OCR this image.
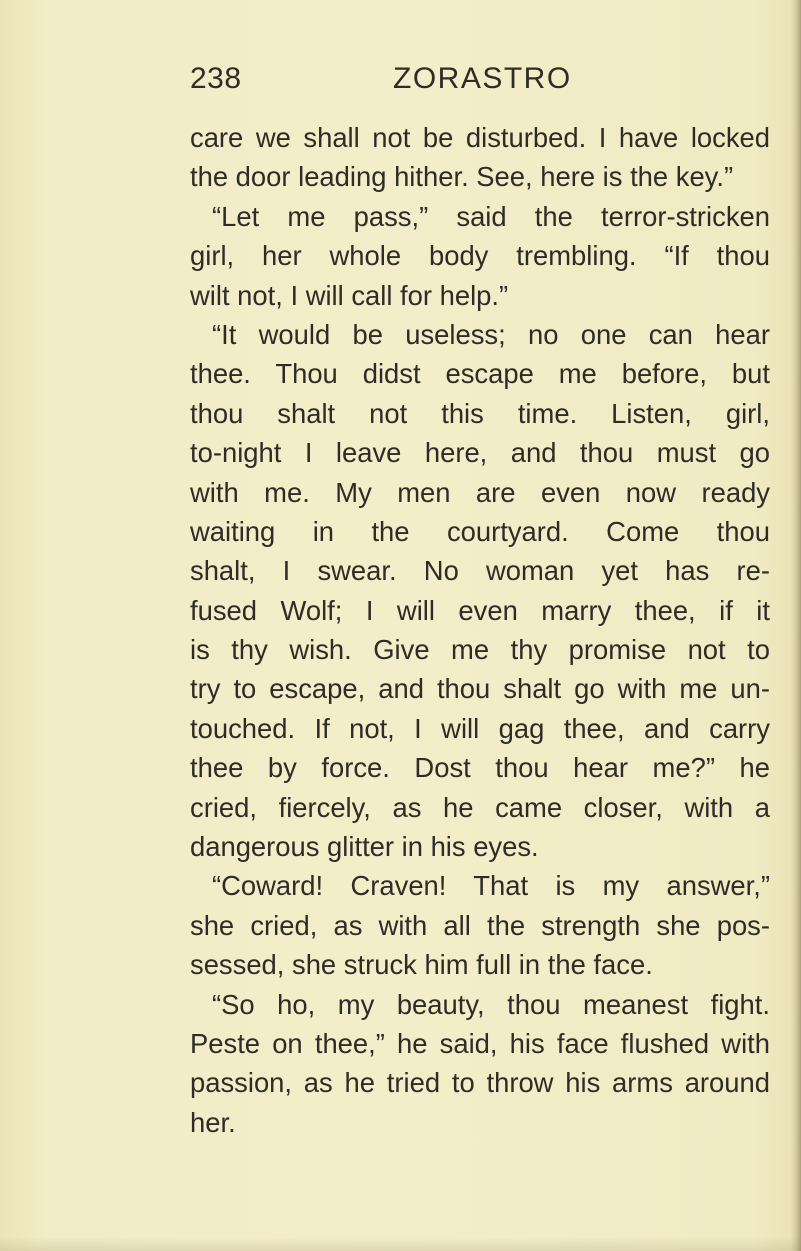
238	ZORASTRO
care we shall not be disturbed. I have locked
the door leading hither. See, here is the key.”
“Let me pass,” said the terror-stricken
girl, her whole body trembling. “If thou
wilt not, I will call for help.”
“It would be useless; no one can hear
thee. Thou didst escape me before, but
thou shalt not this time. Listen, girl,
to-night I leave here, and thou must go
with me. My men are even now ready
waiting in the courtyard. Come thou
shalt, I swear. No woman yet has re-
fused Wolf; I will even marry thee, if it
is thy wish. Give me thy promise not to
try to escape, and thou shalt go with me un-
touched. If not, I will gag thee, and carry
thee by force. Dost thou hear me?” he
cried, fiercely, as he came closer, with a
dangerous glitter in his eyes.
“Coward! Craven! That is my answer,”
she cried, as with all the strength she pos-
sessed, she struck him full in the face.
“So ho, my beauty, thou meanest fight.
Peste on thee,” he said, his face flushed with
passion, as he tried to throw his arms around
her.
